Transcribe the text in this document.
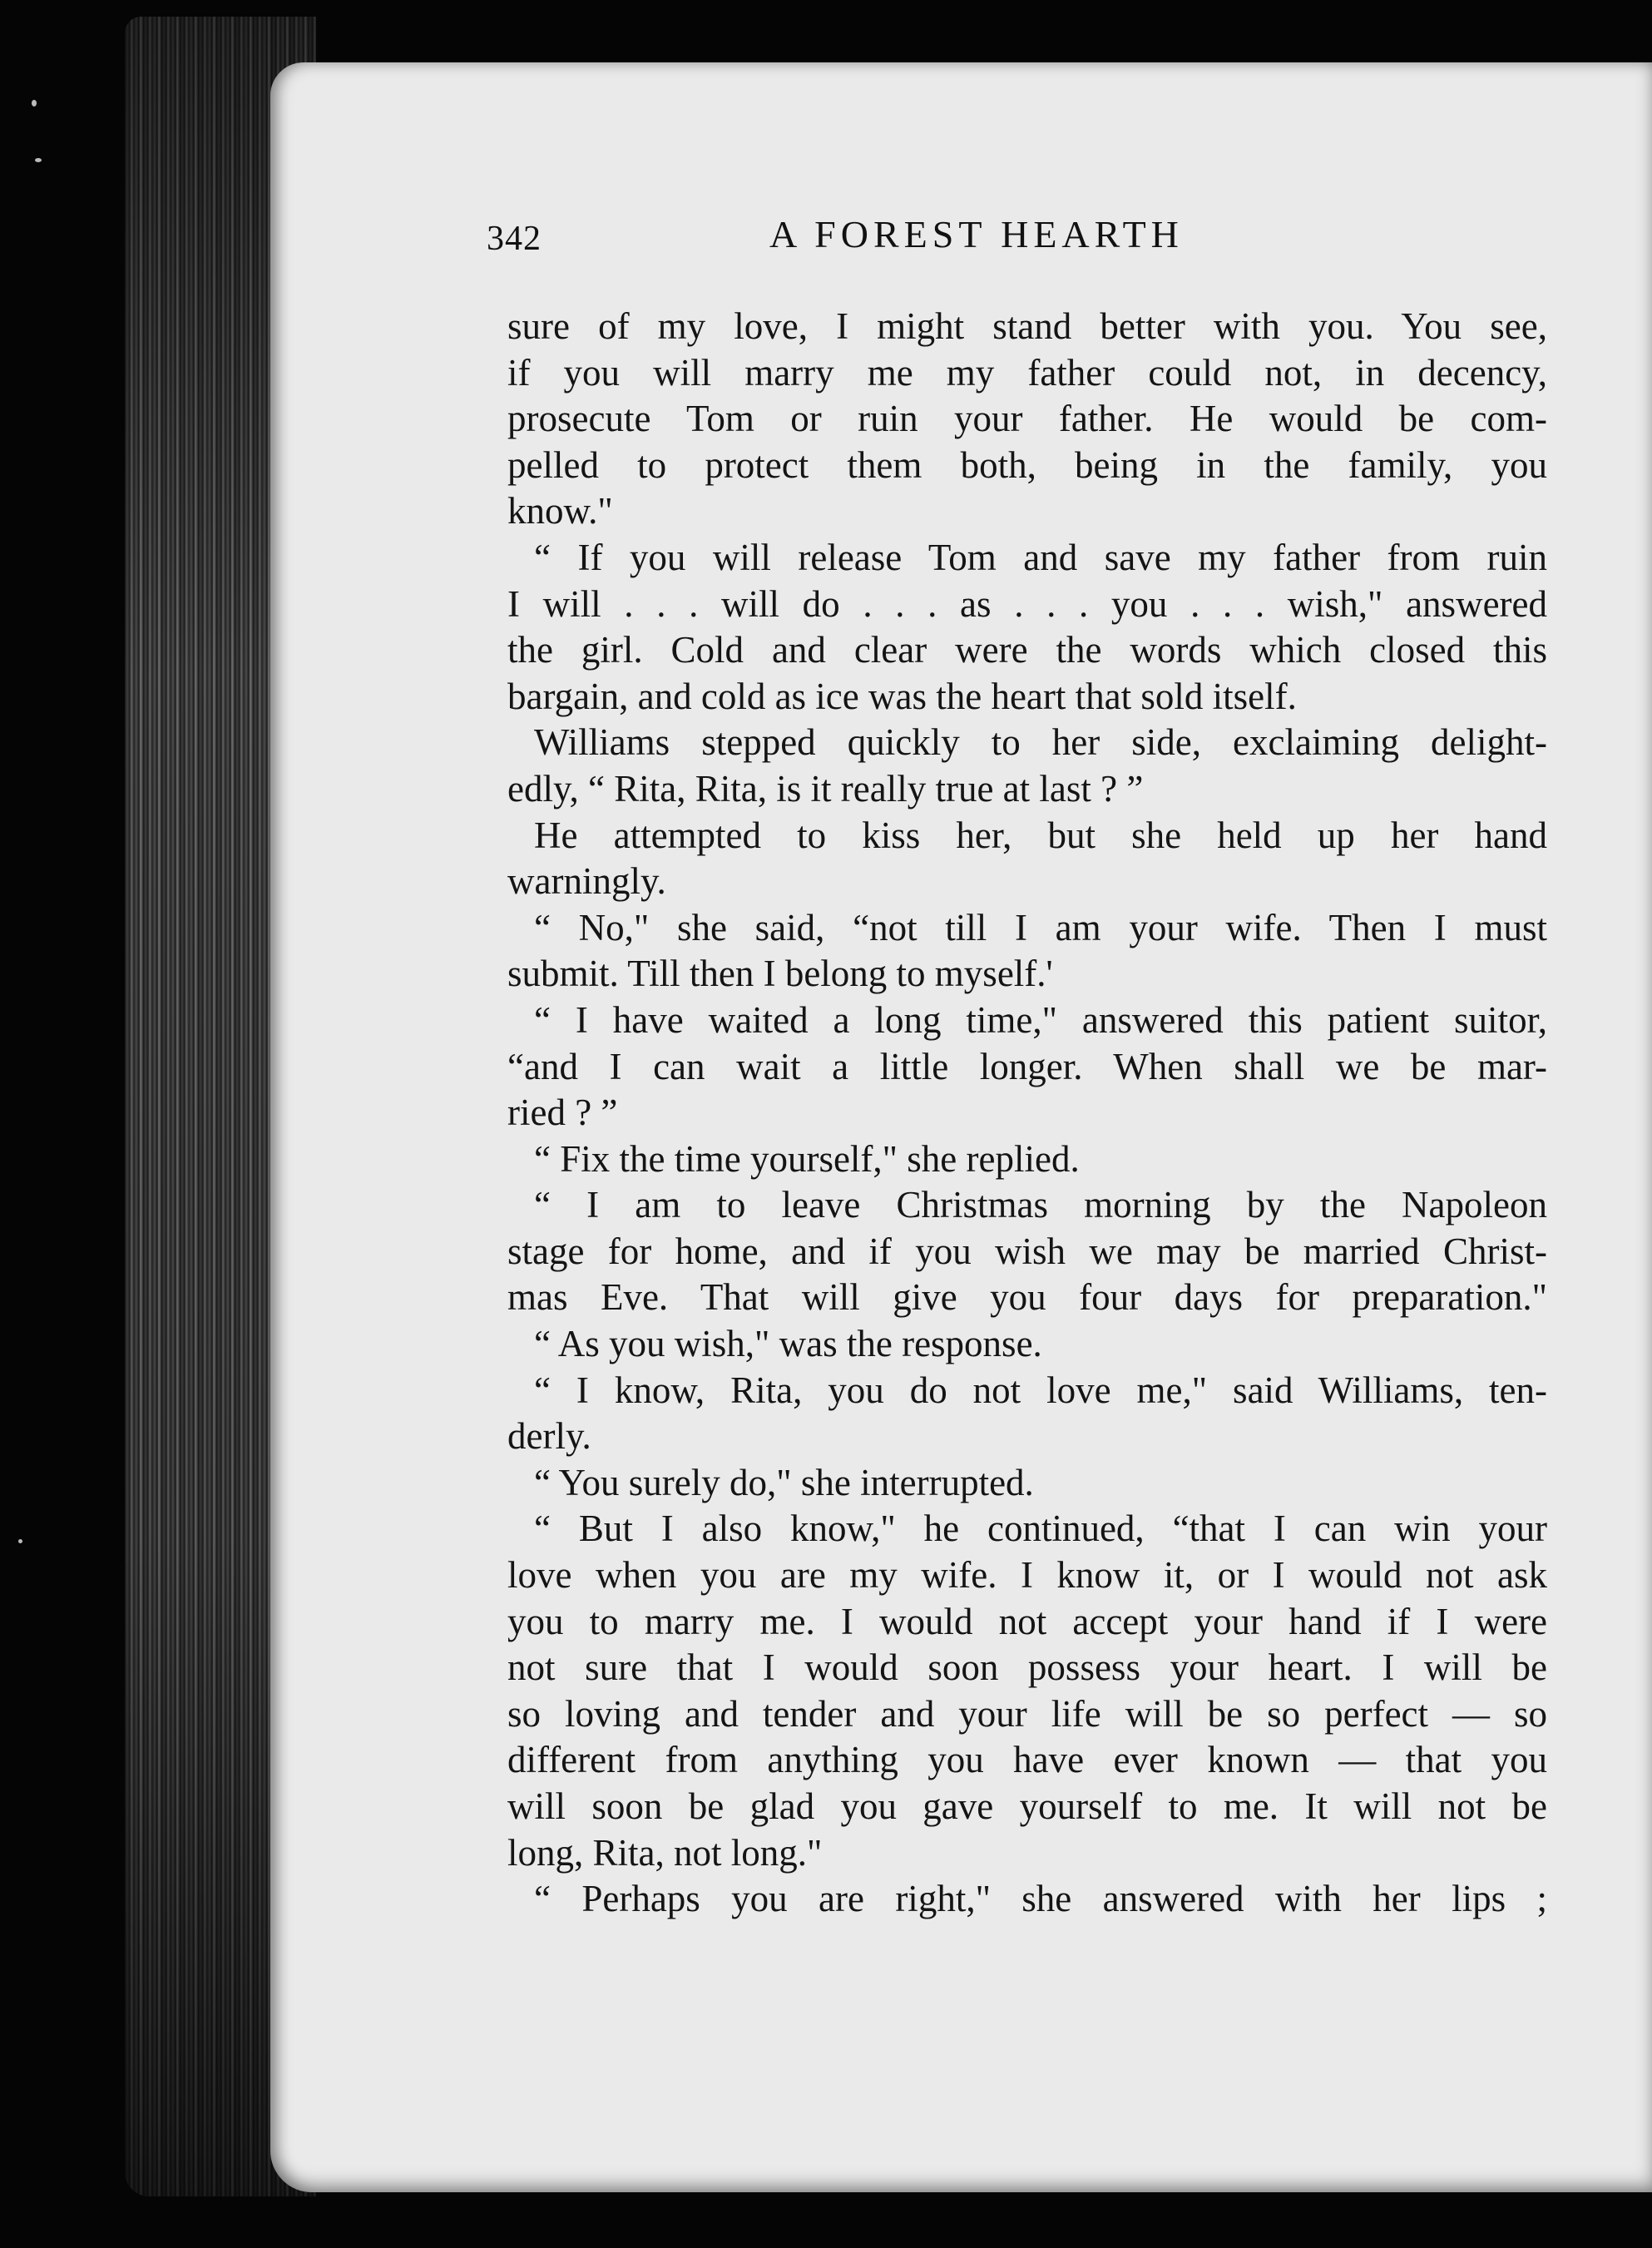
342	A FOREST HEARTH
sure of my love, I might stand better with you. You see,
if you will marry me my father could not, in decency,
prosecute Tom or ruin your father. He would be com-
pelled to protect them both, being in the family, you
know."
“ If you will release Tom and save my father from ruin
I will . . . will do . . . as . . . you . . . wish," answered
the girl. Cold and clear were the words which closed this
bargain, and cold as ice was the heart that sold itself.
Williams stepped quickly to her side, exclaiming delight-
edly, “ Rita, Rita, is it really true at last ? ”
He attempted to kiss her, but she held up her hand
warningly.
“ No," she said, “not till I am your wife. Then I must
submit. Till then I belong to myself.'
“ I have waited a long time," answered this patient suitor,
“and I can wait a little longer. When shall we be mar-
ried ? ”
“ Fix the time yourself," she replied.
“ I am to leave Christmas morning by the Napoleon
stage for home, and if you wish we may be married Christ-
mas Eve. That will give you four days for preparation."
“ As you wish," was the response.
“ I know, Rita, you do not love me," said Williams, ten-
derly.
“ You surely do," she interrupted.
“ But I also know," he continued, “that I can win your
love when you are my wife. I know it, or I would not ask
you to marry me. I would not accept your hand if I were
not sure that I would soon possess your heart. I will be
so loving and tender and your life will be so perfect — so
different from anything you have ever known — that you
will soon be glad you gave yourself to me. It will not be
long, Rita, not long."
“ Perhaps you are right," she answered with her lips ;
